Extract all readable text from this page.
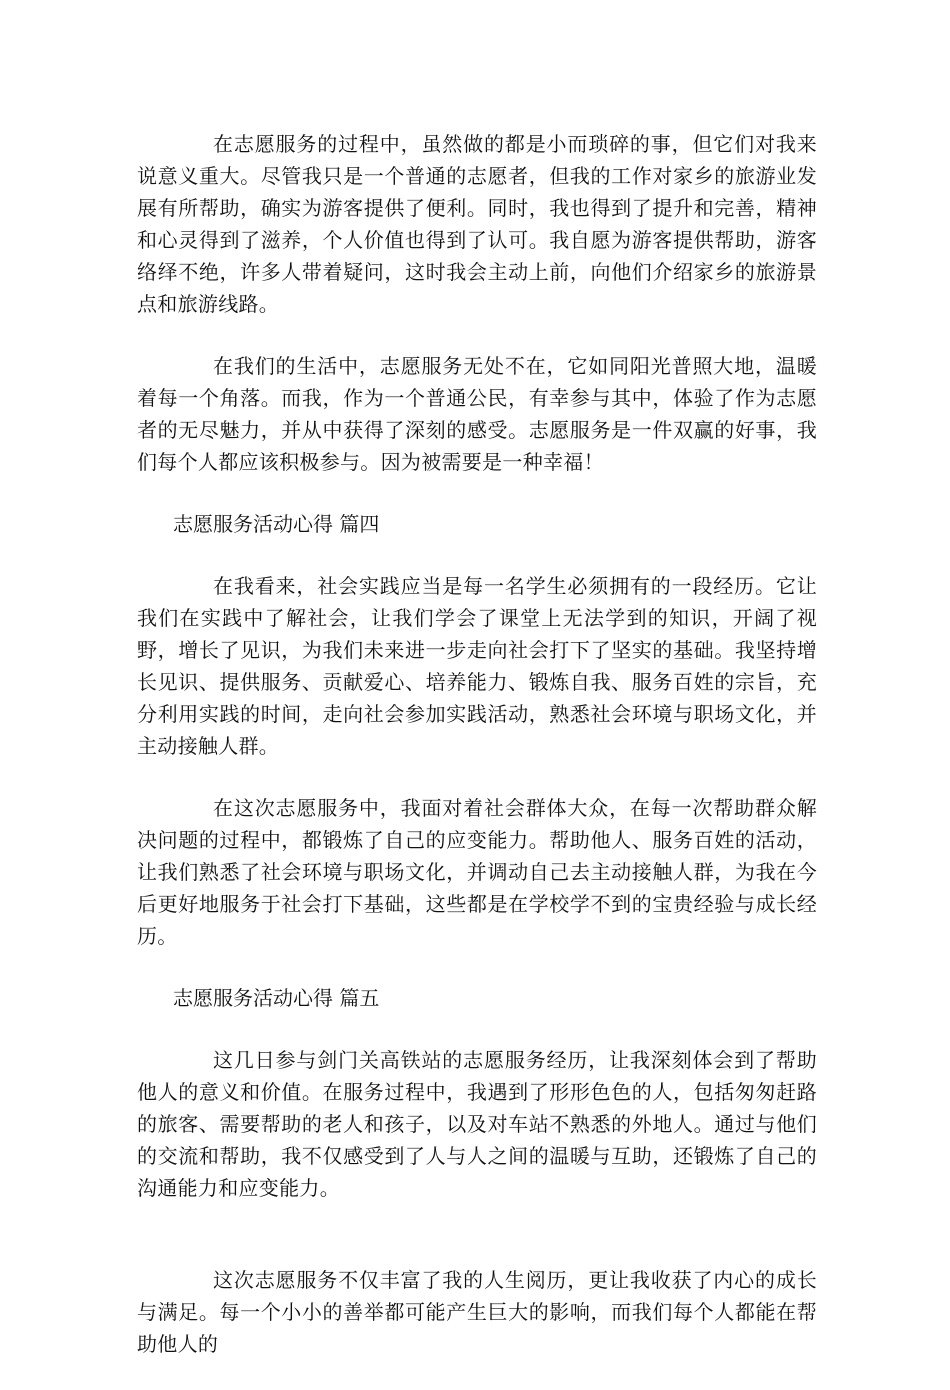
在志愿服务的过程中，虽然做的都是小而琐碎的事，但它们对我来说意义重大。尽管我只是一个普通的志愿者，但我的工作对家乡的旅游业发展有所帮助，确实为游客提供了便利。同时，我也得到了提升和完善，精神和心灵得到了滋养，个人价值也得到了认可。我自愿为游客提供帮助，游客络绎不绝，许多人带着疑问，这时我会主动上前，向他们介绍家乡的旅游景点和旅游线路。

在我们的生活中，志愿服务无处不在，它如同阳光普照大地，温暖着每一个角落。而我，作为一个普通公民，有幸参与其中，体验了作为志愿者的无尽魅力，并从中获得了深刻的感受。志愿服务是一件双赢的好事，我们每个人都应该积极参与。因为被需要是一种幸福！

志愿服务活动心得 篇四

在我看来，社会实践应当是每一名学生必须拥有的一段经历。它让我们在实践中了解社会，让我们学会了课堂上无法学到的知识，开阔了视野，增长了见识，为我们未来进一步走向社会打下了坚实的基础。我坚持增长见识、提供服务、贡献爱心、培养能力、锻炼自我、服务百姓的宗旨，充分利用实践的时间，走向社会参加实践活动，熟悉社会环境与职场文化，并主动接触人群。

在这次志愿服务中，我面对着社会群体大众，在每一次帮助群众解决问题的过程中，都锻炼了自己的应变能力。帮助他人、服务百姓的活动，让我们熟悉了社会环境与职场文化，并调动自己去主动接触人群，为我在今后更好地服务于社会打下基础，这些都是在学校学不到的宝贵经验与成长经历。

志愿服务活动心得 篇五

这几日参与剑门关高铁站的志愿服务经历，让我深刻体会到了帮助他人的意义和价值。在服务过程中，我遇到了形形色色的人，包括匆匆赶路的旅客、需要帮助的老人和孩子，以及对车站不熟悉的外地人。通过与他们的交流和帮助，我不仅感受到了人与人之间的温暖与互助，还锻炼了自己的沟通能力和应变能力。

这次志愿服务不仅丰富了我的人生阅历，更让我收获了内心的成长与满足。每一个小小的善举都可能产生巨大的影响，而我们每个人都能在帮助他人的
